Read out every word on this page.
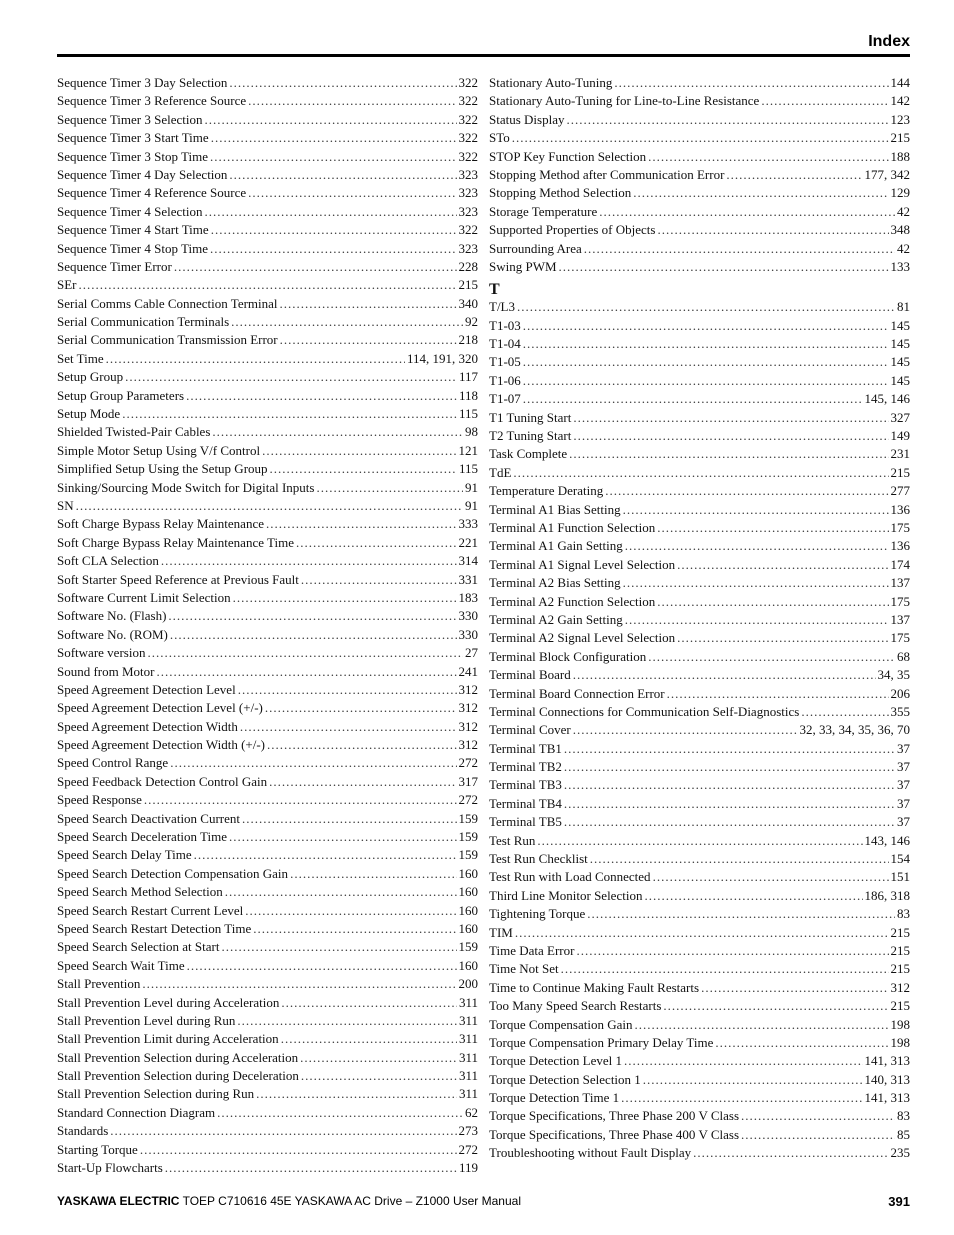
Index
Sequence Timer 3 Day Selection .....	322
Sequence Timer 3 Reference Source .....	322
Sequence Timer 3 Selection .....	322
Sequence Timer 3 Start Time .....	322
Sequence Timer 3 Stop Time .....	322
Sequence Timer 4 Day Selection .....	323
Sequence Timer 4 Reference Source .....	323
Sequence Timer 4 Selection .....	323
Sequence Timer 4 Start Time .....	322
Sequence Timer 4 Stop Time .....	323
Sequence Timer Error .....	228
SEr .....	215
Serial Comms Cable Connection Terminal .....	340
Serial Communication Terminals .....	92
Serial Communication Transmission Error .....	218
Set Time .....	114, 191, 320
Setup Group .....	117
Setup Group Parameters .....	118
Setup Mode .....	115
Shielded Twisted-Pair Cables .....	98
Simple Motor Setup Using V/f Control .....	121
Simplified Setup Using the Setup Group .....	115
Sinking/Sourcing Mode Switch for Digital Inputs .....	91
SN .....	91
Soft Charge Bypass Relay Maintenance .....	333
Soft Charge Bypass Relay Maintenance Time .....	221
Soft CLA Selection .....	314
Soft Starter Speed Reference at Previous Fault .....	331
Software Current Limit Selection .....	183
Software No. (Flash) .....	330
Software No. (ROM) .....	330
Software version .....	27
Sound from Motor .....	241
Speed Agreement Detection Level .....	312
Speed Agreement Detection Level (+/-) .....	312
Speed Agreement Detection Width .....	312
Speed Agreement Detection Width (+/-) .....	312
Speed Control Range .....	272
Speed Feedback Detection Control Gain .....	317
Speed Response .....	272
Speed Search Deactivation Current .....	159
Speed Search Deceleration Time .....	159
Speed Search Delay Time .....	159
Speed Search Detection Compensation Gain .....	160
Speed Search Method Selection .....	160
Speed Search Restart Current Level .....	160
Speed Search Restart Detection Time .....	160
Speed Search Selection at Start .....	159
Speed Search Wait Time .....	160
Stall Prevention .....	200
Stall Prevention Level during Acceleration .....	311
Stall Prevention Level during Run .....	311
Stall Prevention Limit during Acceleration .....	311
Stall Prevention Selection during Acceleration .....	311
Stall Prevention Selection during Deceleration .....	311
Stall Prevention Selection during Run .....	311
Standard Connection Diagram .....	62
Standards .....	273
Starting Torque .....	272
Start-Up Flowcharts .....	119
Stationary Auto-Tuning .....	144
Stationary Auto-Tuning for Line-to-Line Resistance .....	142
Status Display .....	123
STo .....	215
STOP Key Function Selection .....	188
Stopping Method after Communication Error .....	177, 342
Stopping Method Selection .....	129
Storage Temperature .....	42
Supported Properties of Objects .....	348
Surrounding Area .....	42
Swing PWM .....	133
T
T/L3 .....	81
T1-03 .....	145
T1-04 .....	145
T1-05 .....	145
T1-06 .....	145
T1-07 .....	145, 146
T1 Tuning Start .....	327
T2 Tuning Start .....	149
Task Complete .....	231
TdE .....	215
Temperature Derating .....	277
Terminal A1 Bias Setting .....	136
Terminal A1 Function Selection .....	175
Terminal A1 Gain Setting .....	136
Terminal A1 Signal Level Selection .....	174
Terminal A2 Bias Setting .....	137
Terminal A2 Function Selection .....	175
Terminal A2 Gain Setting .....	137
Terminal A2 Signal Level Selection .....	175
Terminal Block Configuration .....	68
Terminal Board .....	34, 35
Terminal Board Connection Error .....	206
Terminal Connections for Communication Self-Diagnostics .....	355
Terminal Cover .....	32, 33, 34, 35, 36, 70
Terminal TB1 .....	37
Terminal TB2 .....	37
Terminal TB3 .....	37
Terminal TB4 .....	37
Terminal TB5 .....	37
Test Run .....	143, 146
Test Run Checklist .....	154
Test Run with Load Connected .....	151
Third Line Monitor Selection .....	186, 318
Tightening Torque .....	83
TIM .....	215
Time Data Error .....	215
Time Not Set .....	215
Time to Continue Making Fault Restarts .....	312
Too Many Speed Search Restarts .....	215
Torque Compensation Gain .....	198
Torque Compensation Primary Delay Time .....	198
Torque Detection Level 1 .....	141, 313
Torque Detection Selection 1 .....	140, 313
Torque Detection Time 1 .....	141, 313
Torque Specifications, Three Phase 200 V Class .....	83
Torque Specifications, Three Phase 400 V Class .....	85
Troubleshooting without Fault Display .....	235
YASKAWA ELECTRIC TOEP C710616 45E YASKAWA AC Drive – Z1000 User Manual	391
